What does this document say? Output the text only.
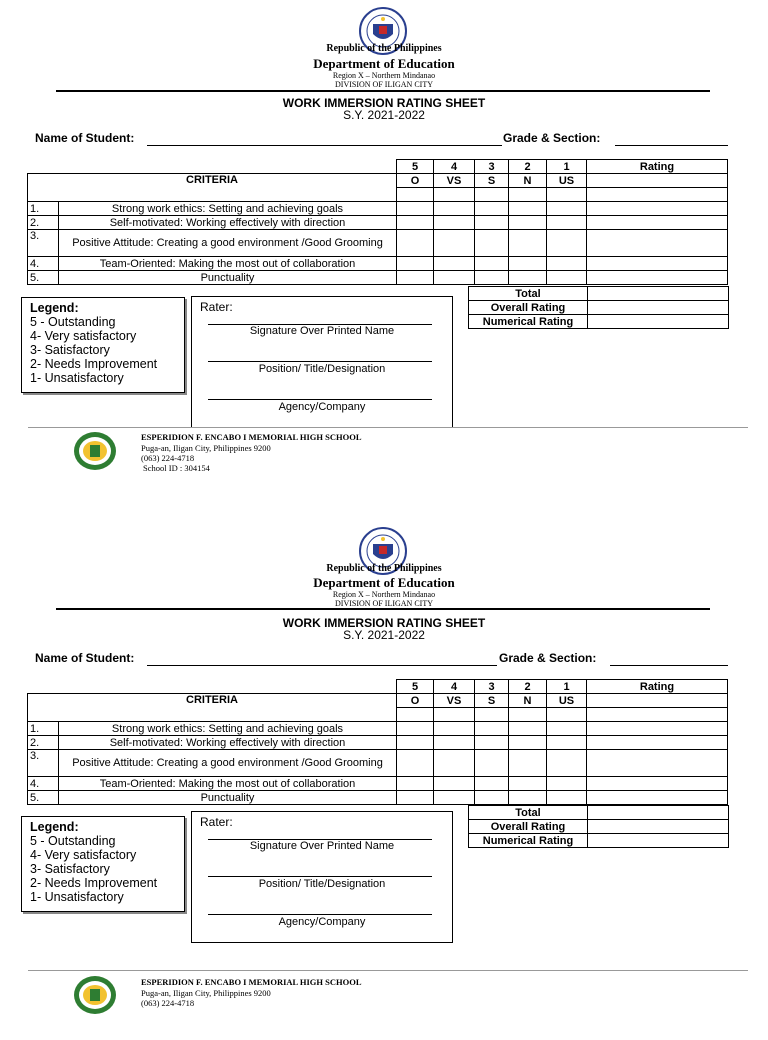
Republic of the Philippines
Department of Education
Region X – Northern Mindanao
DIVISION OF ILIGAN CITY
WORK IMMERSION RATING SHEET
S.Y. 2021-2022
Name of Student:	Grade & Section:
		5	4	3	2	1	Rating
CRITERIA		O	VS	S	N	US	

1.	Strong work ethics: Setting and achieving goals						
2.	Self-motivated: Working effectively with direction						
3.	Positive Attitude: Creating a good environment /Good Grooming						
4.	Team-Oriented: Making the most out of collaboration						
5.	Punctuality						
Total	
Overall Rating	
Numerical Rating	
Legend:
5 - Outstanding
4- Very satisfactory
3- Satisfactory
2- Needs Improvement
1- Unsatisfactory
Rater:
Signature Over Printed Name
Position/ Title/Designation
Agency/Company
ESPERIDION F. ENCABO I MEMORIAL HIGH SCHOOL
Puga-an, Iligan City, Philippines 9200
(063) 224-4718
School ID : 304154
Republic of the Philippines
Department of Education
Region X – Northern Mindanao
DIVISION OF ILIGAN CITY
WORK IMMERSION RATING SHEET
S.Y. 2021-2022
Name of Student:	Grade & Section:
		5	4	3	2	1	Rating
CRITERIA		O	VS	S	N	US	

1.	Strong work ethics: Setting and achieving goals						
2.	Self-motivated: Working effectively with direction						
3.	Positive Attitude: Creating a good environment /Good Grooming						
4.	Team-Oriented: Making the most out of collaboration						
5.	Punctuality						
Total	
Overall Rating	
Numerical Rating	
Legend:
5 - Outstanding
4- Very satisfactory
3- Satisfactory
2- Needs Improvement
1- Unsatisfactory
Rater:
Signature Over Printed Name
Position/ Title/Designation
Agency/Company
ESPERIDION F. ENCABO I MEMORIAL HIGH SCHOOL
Puga-an, Iligan City, Philippines 9200
(063) 224-4718
